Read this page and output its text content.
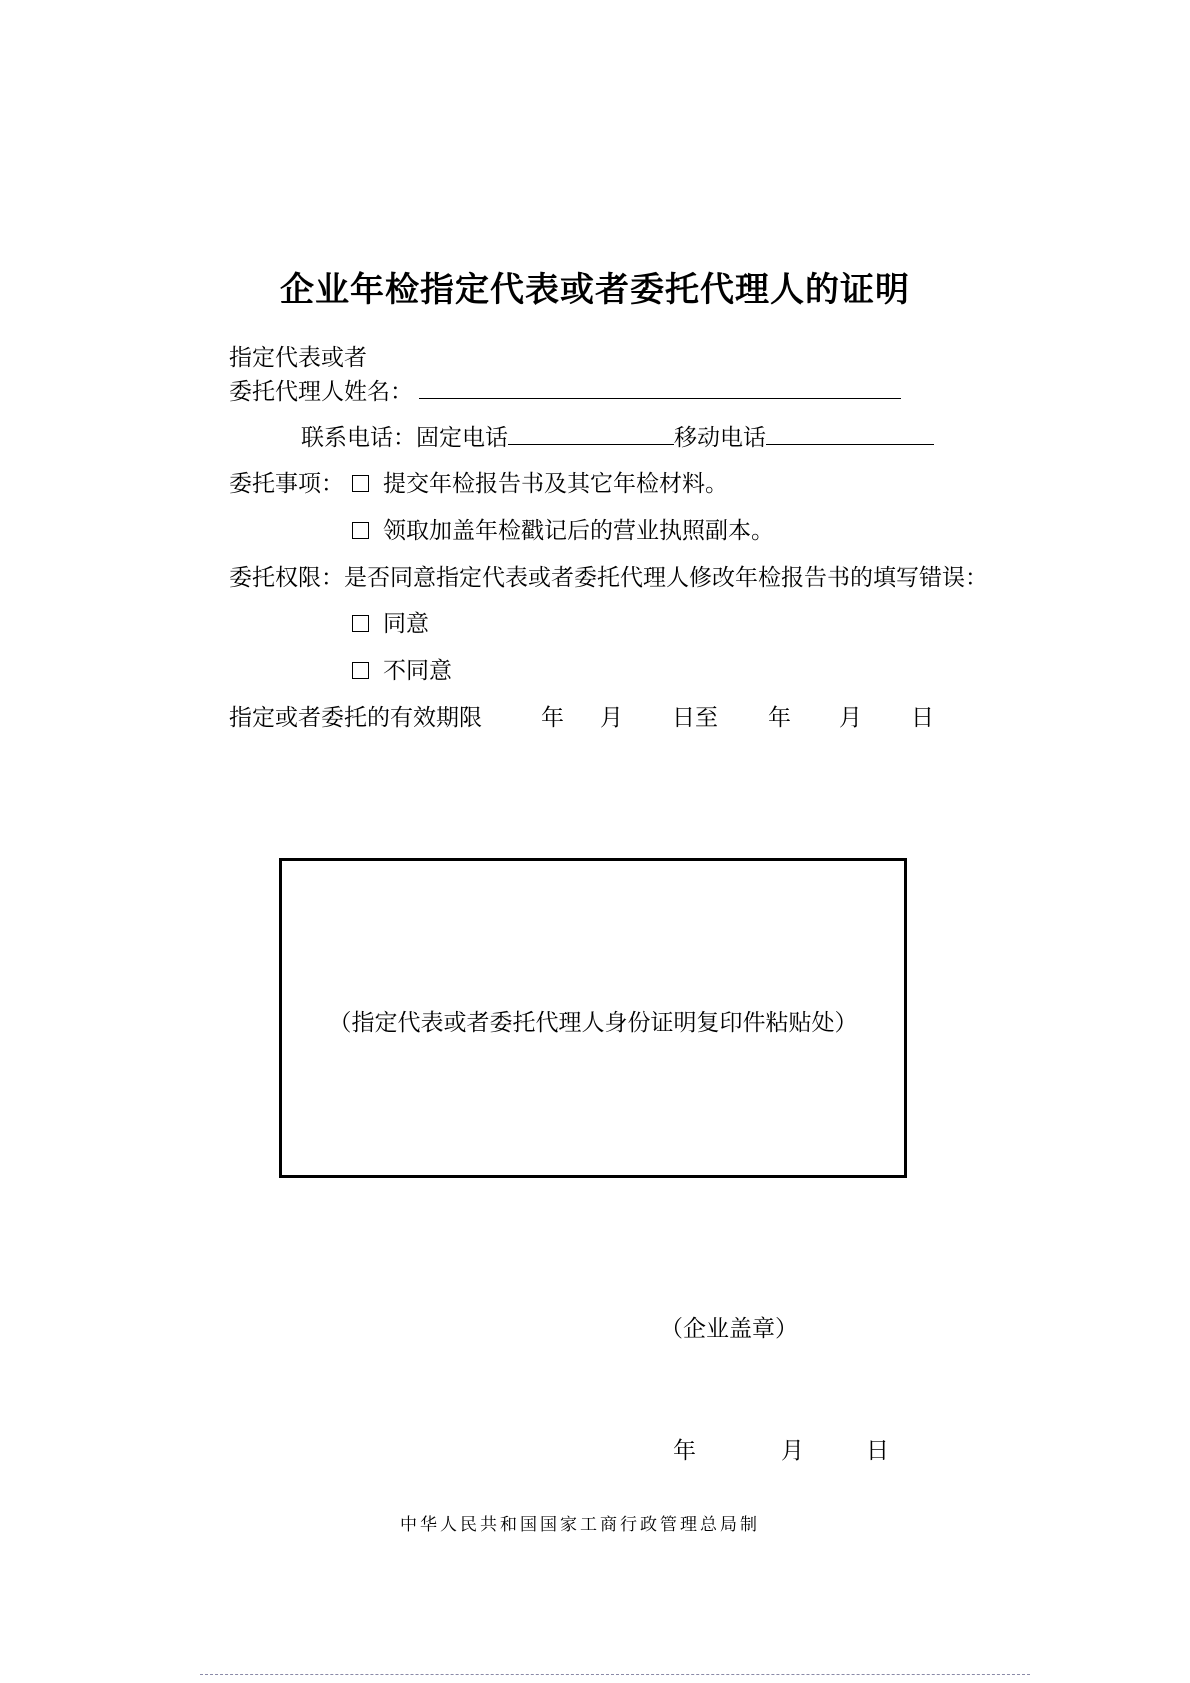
企业年检指定代表或者委托代理人的证明
指定代表或者
委托代理人姓名：
联系电话：固定电话	移动电话
委托事项：	提交年检报告书及其它年检材料。
领取加盖年检戳记后的营业执照副本。
委托权限：是否同意指定代表或者委托代理人修改年检报告书的填写错误：
同意
不同意
指定或者委托的有效期限	年 月 日至 年 月 日
（指定代表或者委托代理人身份证明复印件粘贴处）
（企业盖章）
年	月	日
中华人民共和国国家工商行政管理总局制
